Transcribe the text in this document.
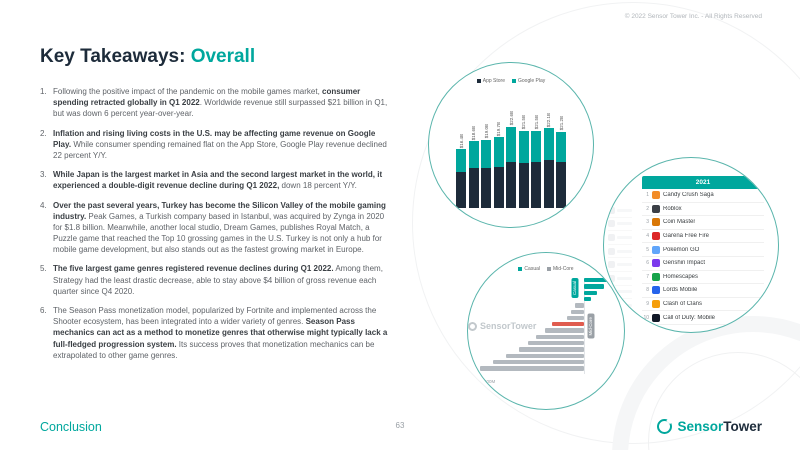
© 2022 Sensor Tower Inc. - All Rights Reserved
Key Takeaways: Overall
1. Following the positive impact of the pandemic on the mobile games market, consumer spending retracted globally in Q1 2022. Worldwide revenue still surpassed $21 billion in Q1, but was down 6 percent year-over-year.
2. Inflation and rising living costs in the U.S. may be affecting game revenue on Google Play. While consumer spending remained flat on the App Store, Google Play revenue declined 22 percent Y/Y.
3. While Japan is the largest market in Asia and the second largest market in the world, it experienced a double-digit revenue decline during Q1 2022, down 18 percent Y/Y.
4. Over the past several years, Turkey has become the Silicon Valley of the mobile gaming industry. Peak Games, a Turkish company based in Istanbul, was acquired by Zynga in 2020 for $1.8 billion. Meanwhile, another local studio, Dream Games, publishes Royal Match, a Puzzle game that reached the Top 10 grossing games in the U.S. Turkey is not only a hub for mobile game development, but also stands out as the fastest growing market in Europe.
5. The five largest game genres registered revenue declines during Q1 2022. Among them, Strategy had the least drastic decrease, able to stay above $4 billion of gross revenue each quarter since Q4 2020.
6. The Season Pass monetization model, popularized by Fortnite and implemented across the Shooter ecosystem, has been integrated into a wider variety of genres. Season Pass mechanics can act as a method to monetize genres that otherwise might typically lack a full-fledged progression system. Its success proves that monetization mechanics can be extrapolated to other game genres.
App Store	Google Play
$16.4B
$18.6B $19.0B $19.7B
$22.6B $21.5B $21.5B $22.1B $21.2B
2021
1 Candy Crush Saga
2 Roblox
3 Coin Master
4 Garena Free Fire
5 Pokémon GO
6 Genshin Impact
7 Homescapes
8 Lords Mobile
9 Clash of Clans
10 Call of Duty: Mobile
Casual	Mid-Core
Casual
Mid-Core
-$500M
SensorTower
Conclusion	63	SensorTower
